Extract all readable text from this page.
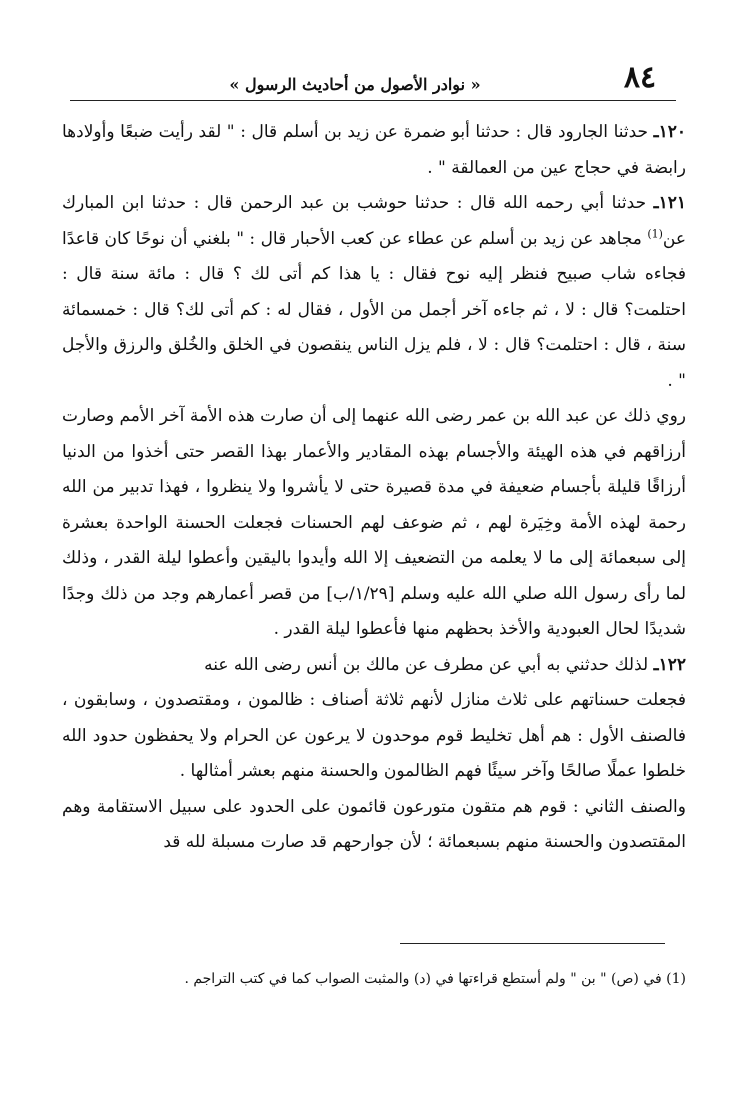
٨٤
« نوادر الأصول من أحاديث الرسول »

١٢٠ـ حدثنا الجارود قال : حدثنا أبو ضمرة عن زيد بن أسلم قال : " لقد رأيت ضبعًا وأولادها رابضة في حجاج عين من العمالقة " .

١٢١ـ حدثنا أبي رحمه الله قال : حدثنا حوشب بن عبد الرحمن قال : حدثنا ابن المبارك عن$^{(1)}$ مجاهد عن زيد بن أسلم عن عطاء عن كعب الأحبار قال : " بلغني أن نوحًا كان قاعدًا فجاءه شاب صبيح فنظر إليه نوح فقال : يا هذا كم أتى لك ؟ قال : مائة سنة قال : احتلمت؟ قال : لا ، ثم جاءه آخر أجمل من الأول ، فقال له : كم أتى لك؟ قال : خمسمائة سنة ، قال : احتلمت؟ قال : لا ، فلم يزل الناس ينقصون في الخلق والخُلق والرزق والأجل " .

روي ذلك عن عبد الله بن عمر رضى الله عنهما إلى أن صارت هذه الأمة آخر الأمم وصارت أرزاقهم في هذه الهيئة والأجسام بهذه المقادير والأعمار بهذا القصر حتى أخذوا من الدنيا أرزاقًا قليلة بأجسام ضعيفة في مدة قصيرة حتى لا يأشروا ولا ينظروا ، فهذا تدبير من الله رحمة لهذه الأمة وخِيَرة لهم ، ثم ضوعف لهم الحسنات فجعلت الحسنة الواحدة بعشرة إلى سبعمائة إلى ما لا يعلمه من التضعيف إلا الله وأيدوا باليقين وأعطوا ليلة القدر ، وذلك لما رأى رسول الله صلي الله عليه وسلم [١/٢٩/ب] من قصر أعمارهم وجد من ذلك وجدًا شديدًا لحال العبودية والأخذ بحظهم منها فأعطوا ليلة القدر .

١٢٢ـ لذلك حدثني به أبي عن مطرف عن مالك بن أنس رضى الله عنه

فجعلت حسناتهم على ثلاث منازل لأنهم ثلاثة أصناف : ظالمون ، ومقتصدون ، وسابقون ، فالصنف الأول : هم أهل تخليط قوم موحدون لا يرعون عن الحرام ولا يحفظون حدود الله خلطوا عملًا صالحًا وآخر سيئًا فهم الظالمون والحسنة منهم بعشر أمثالها .

والصنف الثاني : قوم هم متقون متورعون قائمون على الحدود على سبيل الاستقامة وهم المقتصدون والحسنة منهم بسبعمائة ؛ لأن جوارحهم قد صارت مسبلة لله قد

(1) في (ص) " بن " ولم أستطع قراءتها في (د) والمثبت الصواب كما في كتب التراجم .
